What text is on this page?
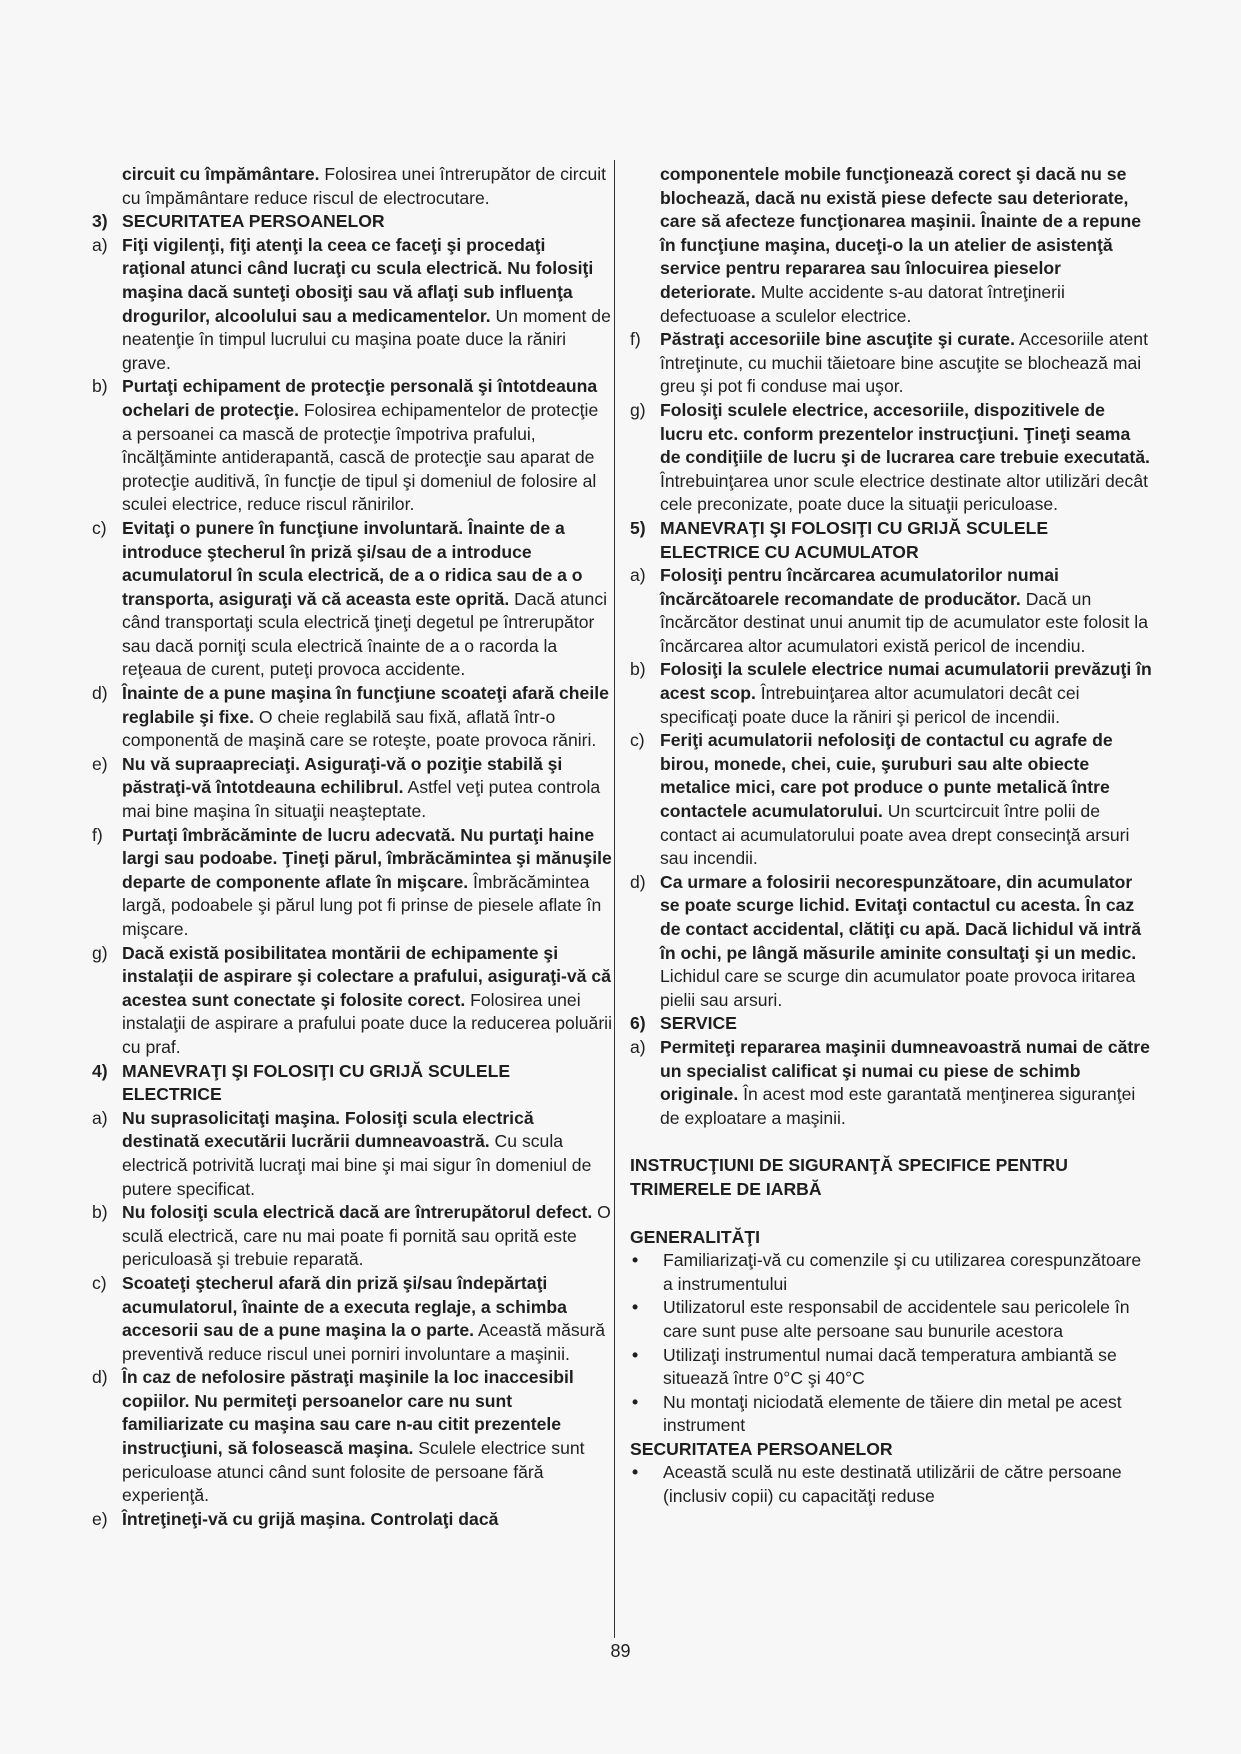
circuit cu împământare. Folosirea unei întrerupător de circuit cu împământare reduce riscul de electrocutare.
3) SECURITATEA PERSOANELOR
a) Fiţi vigilenţi, fiţi atenţi la ceea ce faceţi şi procedaţi raţional atunci când lucraţi cu scula electrică. Nu folosiţi maşina dacă sunteţi obosiţi sau vă aflaţi sub influenţa drogurilor, alcoolului sau a medicamentelor. Un moment de neatenţie în timpul lucrului cu maşina poate duce la răniri grave.
b) Purtaţi echipament de protecţie personală şi întotdeauna ochelari de protecţie. Folosirea echipamentelor de protecţie a persoanei ca mască de protecţie împotriva prafului, încălţăminte antiderapantă, cască de protecţie sau aparat de protecţie auditivă, în funcţie de tipul şi domeniul de folosire al sculei electrice, reduce riscul rănirilor.
c) Evitaţi o punere în funcţiune involuntară. Înainte de a introduce ştecherul în priză şi/sau de a introduce acumulatorul în scula electrică, de a o ridica sau de a o transporta, asiguraţi vă că aceasta este oprită. Dacă atunci când transportaţi scula electrică ţineţi degetul pe întrerupător sau dacă porniţi scula electrică înainte de a o racorda la reţeaua de curent, puteţi provoca accidente.
d) Înainte de a pune maşina în funcţiune scoateţi afară cheile reglabile şi fixe. O cheie reglabilă sau fixă, aflată într-o componentă de maşină care se roteşte, poate provoca răniri.
e) Nu vă supraapreciaţi. Asiguraţi-vă o poziţie stabilă şi păstraţi-vă întotdeauna echilibrul. Astfel veţi putea controla mai bine maşina în situaţii neaşteptate.
f) Purtaţi îmbrăcăminte de lucru adecvată. Nu purtaţi haine largi sau podoabe. Ţineţi părul, îmbrăcămintea şi mănuşile departe de componente aflate în mişcare. Îmbrăcămintea largă, podoabele şi părul lung pot fi prinse de piesele aflate în mişcare.
g) Dacă există posibilitatea montării de echipamente şi instalaţii de aspirare şi colectare a prafului, asiguraţi-vă că acestea sunt conectate şi folosite corect. Folosirea unei instalaţii de aspirare a prafului poate duce la reducerea poluării cu praf.
4) MANEVRAŢI ŞI FOLOSIŢI CU GRIJĂ SCULELE ELECTRICE
a) Nu suprasolicitaţi maşina. Folosiţi scula electrică destinată executării lucrării dumneavoastră. Cu scula electrică potrivită lucraţi mai bine şi mai sigur în domeniul de putere specificat.
b) Nu folosiţi scula electrică dacă are întrerupătorul defect. O sculă electrică, care nu mai poate fi pornită sau oprită este periculoasă şi trebuie reparată.
c) Scoateţi ştecherul afară din priză şi/sau îndepărtaţi acumulatorul, înainte de a executa reglaje, a schimba accesorii sau de a pune maşina la o parte. Această măsură preventivă reduce riscul unei porniri involuntare a maşinii.
d) În caz de nefolosire păstraţi maşinile la loc inaccesibil copiilor. Nu permiteţi persoanelor care nu sunt familiarizate cu maşina sau care n-au citit prezentele instrucţiuni, să folosească maşina. Sculele electrice sunt periculoase atunci când sunt folosite de persoane fără experienţă.
e) Întreţineţi-vă cu grijă maşina. Controlaţi dacă
componentele mobile funcţionează corect şi dacă nu se blochează, dacă nu există piese defecte sau deteriorate, care să afecteze funcţionarea maşinii. Înainte de a repune în funcţiune maşina, duceţi-o la un atelier de asistenţă service pentru repararea sau înlocuirea pieselor deteriorate. Multe accidente s-au datorat întreţinerii defectuoase a sculelor electrice.
f) Păstraţi accesoriile bine ascuţite şi curate. Accesoriile atent întreţinute, cu muchii tăietoare bine ascuţite se blochează mai greu şi pot fi conduse mai uşor.
g) Folosiţi sculele electrice, accesoriile, dispozitivele de lucru etc. conform prezentelor instrucţiuni. Ţineţi seama de condiţiile de lucru şi de lucrarea care trebuie executată. Întrebuinţarea unor scule electrice destinate altor utilizări decât cele preconizate, poate duce la situaţii periculoase.
5) MANEVRAŢI ŞI FOLOSIŢI CU GRIJĂ SCULELE ELECTRICE CU ACUMULATOR
a) Folosiţi pentru încărcarea acumulatorilor numai încărcătoarele recomandate de producător. Dacă un încărcător destinat unui anumit tip de acumulator este folosit la încărcarea altor acumulatori există pericol de incendiu.
b) Folosiţi la sculele electrice numai acumulatorii prevăzuţi în acest scop. Întrebuinţarea altor acumulatori decât cei specificaţi poate duce la răniri şi pericol de incendii.
c) Feriţi acumulatorii nefolosiţi de contactul cu agrafe de birou, monede, chei, cuie, şuruburi sau alte obiecte metalice mici, care pot produce o punte metalică între contactele acumulatorului. Un scurtcircuit între polii de contact ai acumulatorului poate avea drept consecinţă arsuri sau incendii.
d) Ca urmare a folosirii necorespunzătoare, din acumulator se poate scurge lichid. Evitaţi contactul cu acesta. În caz de contact accidental, clătiţi cu apă. Dacă lichidul vă intră în ochi, pe lângă măsurile aminite consultaţi şi un medic. Lichidul care se scurge din acumulator poate provoca iritarea pielii sau arsuri.
6) SERVICE
a) Permiteţi repararea maşinii dumneavoastră numai de către un specialist calificat şi numai cu piese de schimb originale. În acest mod este garantată menţinerea siguranţei de exploatare a maşinii.
INSTRUCŢIUNI DE SIGURANŢĂ SPECIFICE PENTRU TRIMERELE DE IARBĂ
GENERALITĂŢI
• Familiarizaţi-vă cu comenzile şi cu utilizarea corespunzătoare a instrumentului
• Utilizatorul este responsabil de accidentele sau pericolele în care sunt puse alte persoane sau bunurile acestora
• Utilizaţi instrumentul numai dacă temperatura ambiantă se situează între 0°C şi 40°C
• Nu montaţi niciodată elemente de tăiere din metal pe acest instrument
SECURITATEA PERSOANELOR
• Această sculă nu este destinată utilizării de către persoane (inclusiv copii) cu capacităţi reduse
89
